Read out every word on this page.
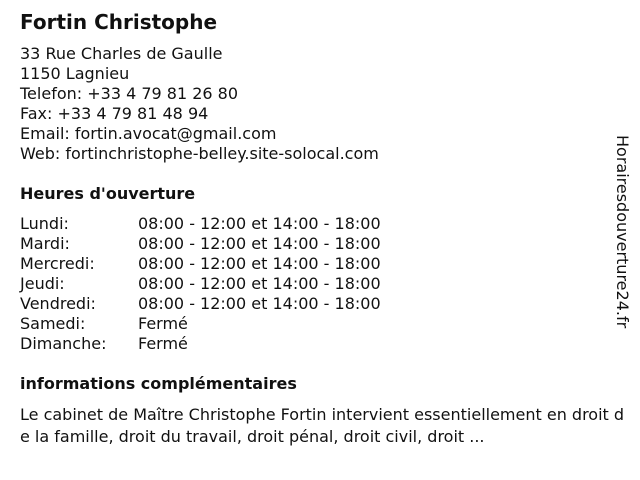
Fortin Christophe
33 Rue Charles de Gaulle
1150 Lagnieu
Telefon: +33 4 79 81 26 80
Fax: +33 4 79 81 48 94
Email: fortin.avocat@gmail.com
Web: fortinchristophe-belley.site-solocal.com
Heures d'ouverture
Lundi:	08:00 - 12:00 et 14:00 - 18:00
Mardi:	08:00 - 12:00 et 14:00 - 18:00
Mercredi:	08:00 - 12:00 et 14:00 - 18:00
Jeudi:	08:00 - 12:00 et 14:00 - 18:00
Vendredi:	08:00 - 12:00 et 14:00 - 18:00
Samedi:	Fermé
Dimanche: Fermé
informations complémentaires

Le cabinet de Maître Christophe Fortin intervient essentiellement en droit de la famille, droit du travail, droit pénal, droit civil, droit ...

Horairesdouverture24.fr
